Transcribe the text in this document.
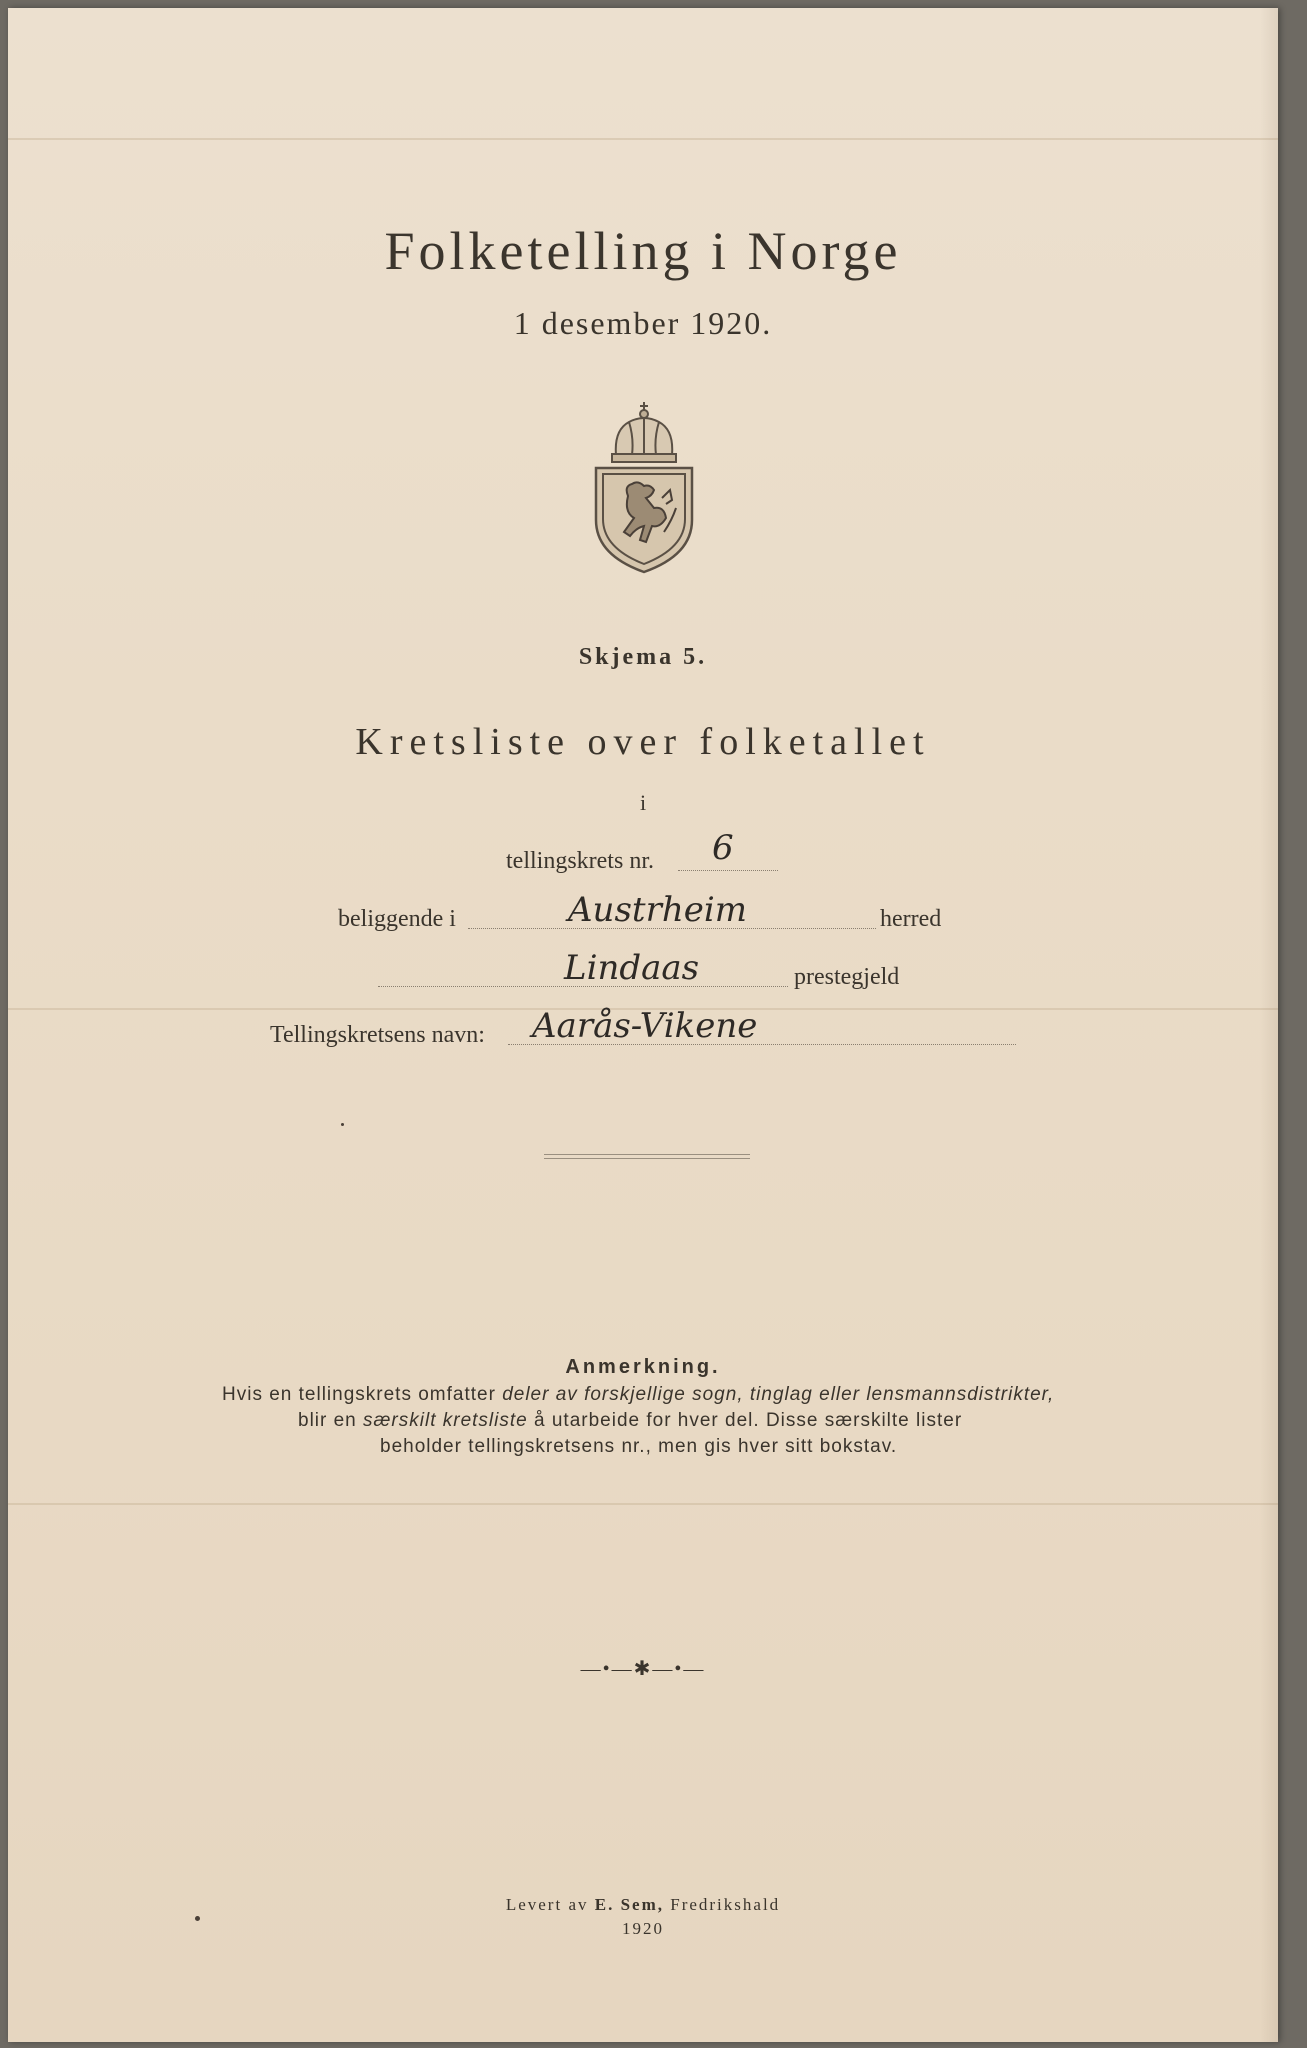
Folketelling i Norge
1 desember 1920.
Skjema 5.
Kretsliste over folketallet
i
tellingskrets nr. 6
beliggende i	Austrheim	herred
Lindaas	prestegjeld
Tellingskretsens navn: Aarås-Vikene
Anmerkning.
Hvis en tellingskrets omfatter deler av forskjellige sogn, tinglag eller lensmannsdistrikter,
blir en særskilt kretsliste å utarbeide for hver del. Disse særskilte lister
beholder tellingskretsens nr., men gis hver sitt bokstav.
—•—✱—•—
Levert av E. Sem, Fredrikshald
1920
